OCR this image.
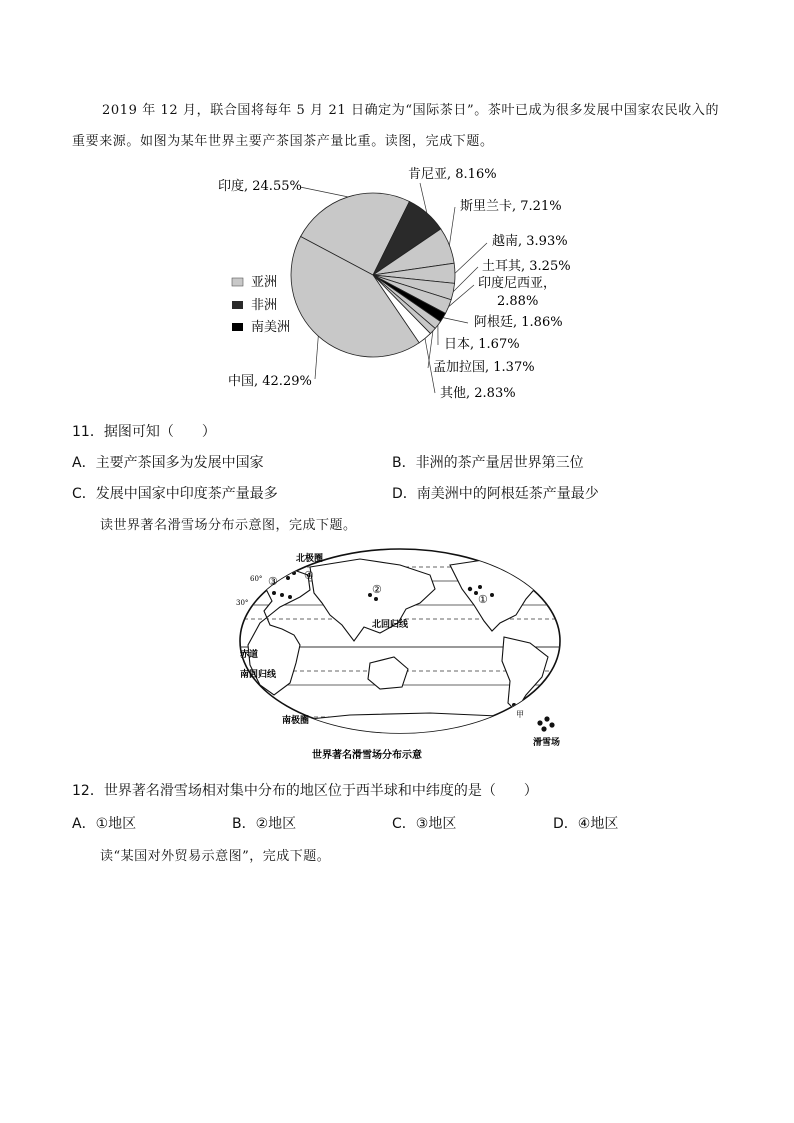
2019 年 12 月，联合国将每年 5 月 21 日确定为“国际茶日”。茶叶已成为很多发展中国家农民收入的
重要来源。如图为某年世界主要产茶国茶产量比重。读图，完成下题。
印度, 24.55%
肯尼亚, 8.16%
斯里兰卡, 7.21%
越南, 3.93%
土耳其, 3.25%
印度尼西亚，
2.88%
阿根廷, 1.86%
日本, 1.67%
孟加拉国, 1.37%
其他, 2.83%
中国, 42.29%
亚洲
非洲
南美洲
11．据图可知（　　）
A．主要产茶国多为发展中国家	B．非洲的茶产量居世界第三位
C．发展中国家中印度茶产量最多	D．南美洲中的阿根廷茶产量最少
读世界著名滑雪场分布示意图，完成下题。
北极圈
60°
30°
北回归线
赤道
南回归线
南极圈
③ ④
②
①
甲
滑雪场
世界著名滑雪场分布示意
12．世界著名滑雪场相对集中分布的地区位于西半球和中纬度的是（　　）
A．①地区	B．②地区	C．③地区	D．④地区
读“某国对外贸易示意图”，完成下题。
